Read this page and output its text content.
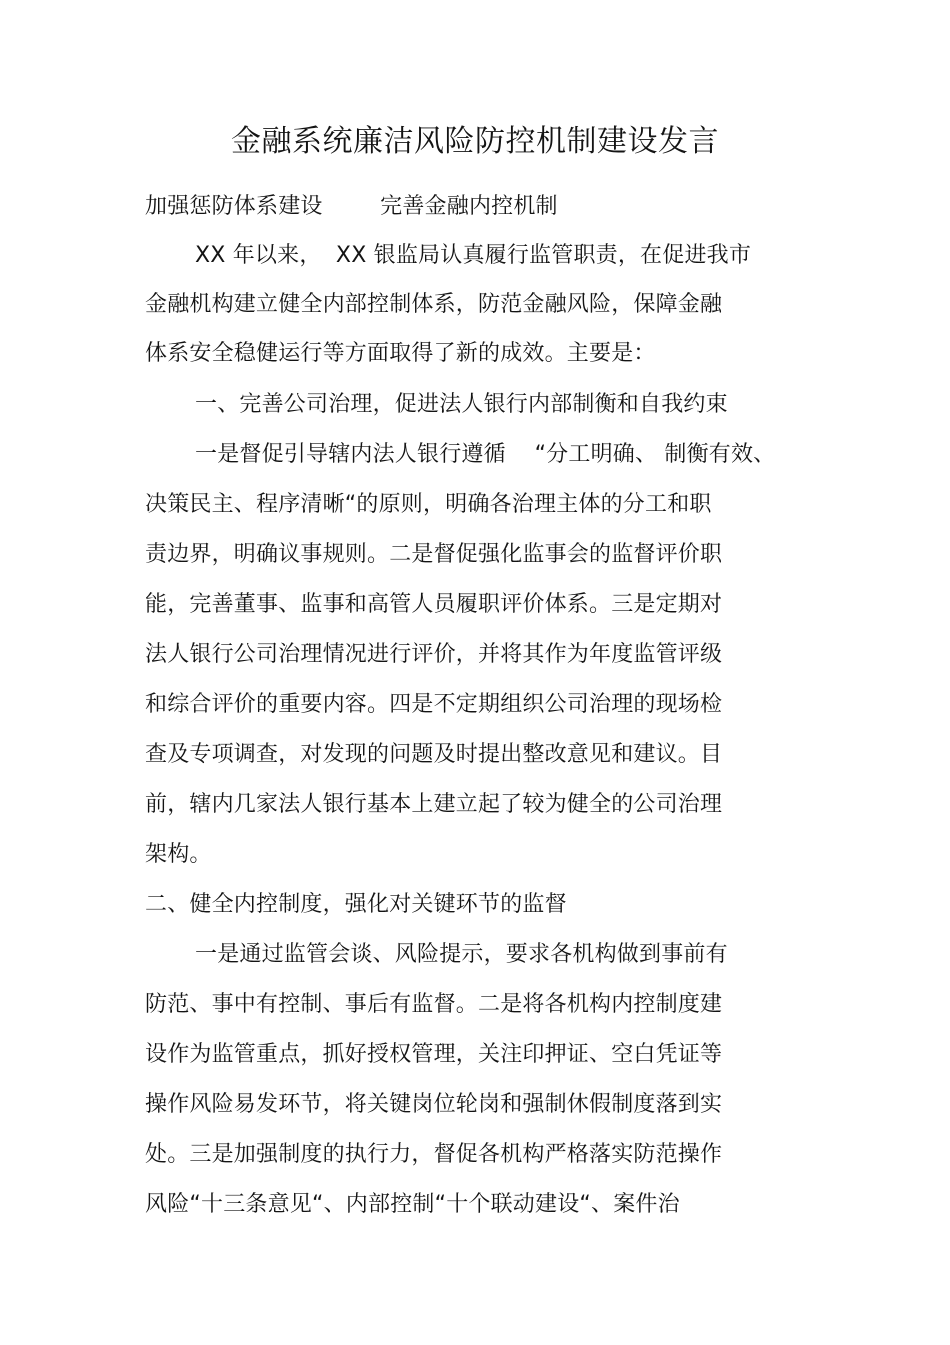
金融系统廉洁风险防控机制建设发言
加强惩防体系建设        完善金融内控机制
XX 年以来，  XX 银监局认真履行监管职责，在促进我市
金融机构建立健全内部控制体系，防范金融风险，保障金融
体系安全稳健运行等方面取得了新的成效。主要是：
一、完善公司治理，促进法人银行内部制衡和自我约束
一是督促引导辖内法人银行遵循    “分工明确、 制衡有效、
决策民主、程序清晰“的原则，明确各治理主体的分工和职
责边界，明确议事规则。二是督促强化监事会的监督评价职
能，完善董事、监事和高管人员履职评价体系。三是定期对
法人银行公司治理情况进行评价，并将其作为年度监管评级
和综合评价的重要内容。四是不定期组织公司治理的现场检
查及专项调查，对发现的问题及时提出整改意见和建议。目
前，辖内几家法人银行基本上建立起了较为健全的公司治理
架构。
二、健全内控制度，强化对关键环节的监督
一是通过监管会谈、风险提示，要求各机构做到事前有
防范、事中有控制、事后有监督。二是将各机构内控制度建
设作为监管重点，抓好授权管理，关注印押证、空白凭证等
操作风险易发环节，将关键岗位轮岗和强制休假制度落到实
处。三是加强制度的执行力，督促各机构严格落实防范操作
风险“十三条意见“、内部控制“十个联动建设“、案件治
